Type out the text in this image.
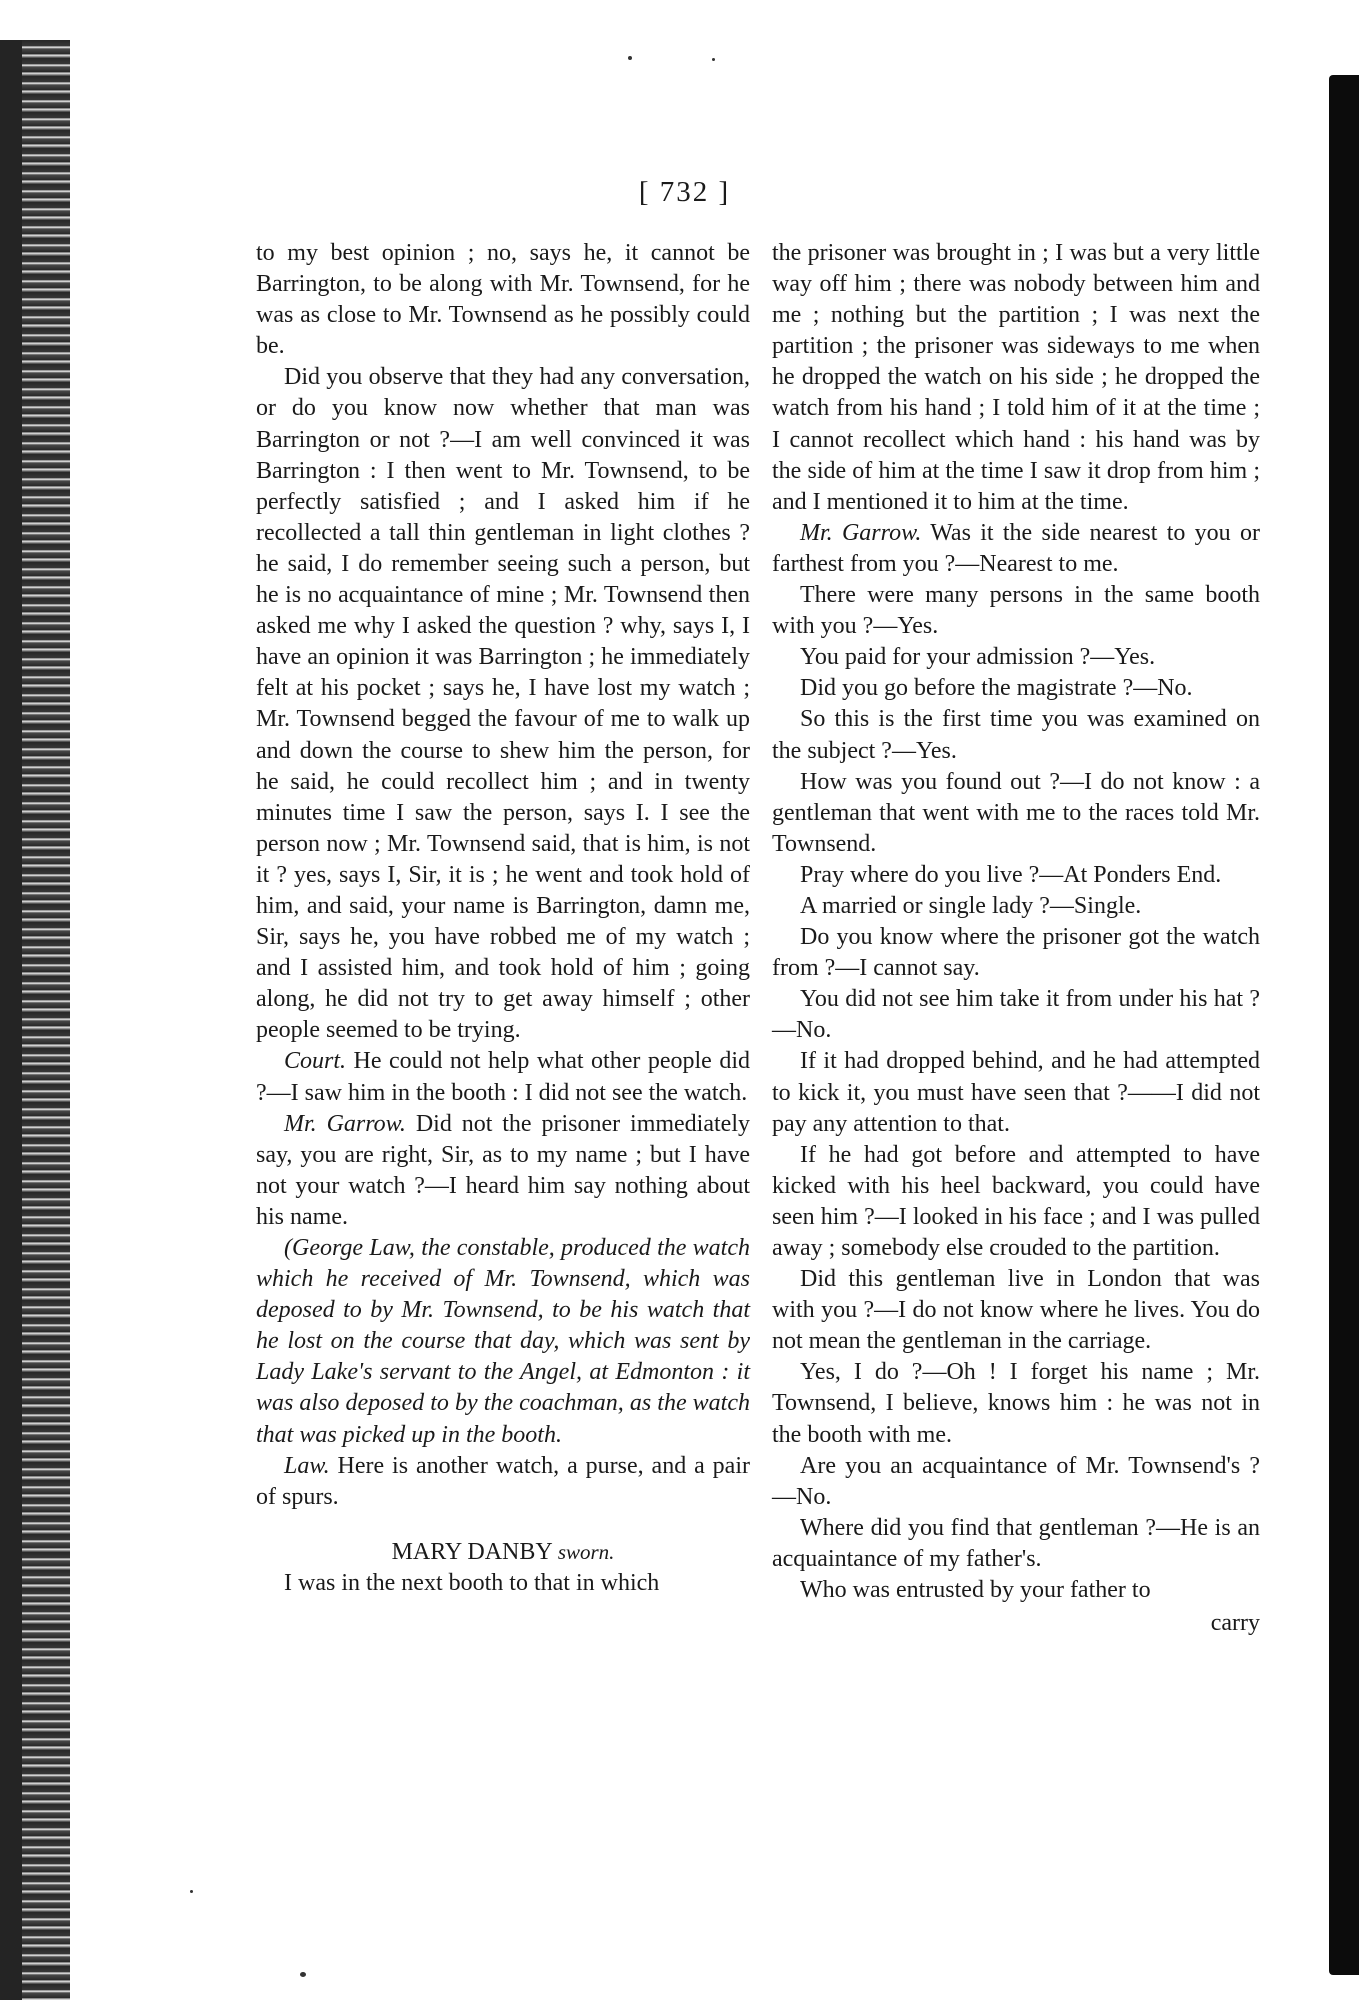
[ 732 ]

to my best opinion ; no, says he, it cannot be Barrington, to be along with Mr. Townsend, for he was as close to Mr. Townsend as he possibly could be.

Did you observe that they had any conversation, or do you know now whether that man was Barrington or not ?—I am well convinced it was Barrington : I then went to Mr. Townsend, to be perfectly satisfied ; and I asked him if he recollected a tall thin gentleman in light clothes ? he said, I do remember seeing such a person, but he is no acquaintance of mine ; Mr. Townsend then asked me why I asked the question ? why, says I, I have an opinion it was Barrington ; he immediately felt at his pocket ; says he, I have lost my watch ; Mr. Townsend begged the favour of me to walk up and down the course to shew him the person, for he said, he could recollect him ; and in twenty minutes time I saw the person, says I. I see the person now ; Mr. Townsend said, that is him, is not it ? yes, says I, Sir, it is ; he went and took hold of him, and said, your name is Barrington, damn me, Sir, says he, you have robbed me of my watch ; and I assisted him, and took hold of him ; going along, he did not try to get away himself ; other people seemed to be trying.

Court. He could not help what other people did ?—I saw him in the booth : I did not see the watch.

Mr. Garrow. Did not the prisoner immediately say, you are right, Sir, as to my name ; but I have not your watch ?—I heard him say nothing about his name.

(George Law, the constable, produced the watch which he received of Mr. Townsend, which was deposed to by Mr. Townsend, to be his watch that he lost on the course that day, which was sent by Lady Lake's servant to the Angel, at Edmonton : it was also deposed to by the coachman, as the watch that was picked up in the booth.

Law. Here is another watch, a purse, and a pair of spurs.

MARY DANBY sworn.

I was in the next booth to that in which

the prisoner was brought in ; I was but a very little way off him ; there was nobody between him and me ; nothing but the partition ; I was next the partition ; the prisoner was sideways to me when he dropped the watch on his side ; he dropped the watch from his hand ; I told him of it at the time ; I cannot recollect which hand : his hand was by the side of him at the time I saw it drop from him ; and I mentioned it to him at the time.

Mr. Garrow. Was it the side nearest to you or farthest from you ?—Nearest to me.

There were many persons in the same booth with you ?—Yes.

You paid for your admission ?—Yes.

Did you go before the magistrate ?—No.

So this is the first time you was examined on the subject ?—Yes.

How was you found out ?—I do not know : a gentleman that went with me to the races told Mr. Townsend.

Pray where do you live ?—At Ponders End.

A married or single lady ?—Single.

Do you know where the prisoner got the watch from ?—I cannot say.

You did not see him take it from under his hat ?—No.

If it had dropped behind, and he had attempted to kick it, you must have seen that ?——I did not pay any attention to that.

If he had got before and attempted to have kicked with his heel backward, you could have seen him ?—I looked in his face ; and I was pulled away ; somebody else crouded to the partition.

Did this gentleman live in London that was with you ?—I do not know where he lives. You do not mean the gentleman in the carriage.

Yes, I do ?—Oh ! I forget his name ; Mr. Townsend, I believe, knows him : he was not in the booth with me.

Are you an acquaintance of Mr. Townsend's ?—No.

Where did you find that gentleman ?—He is an acquaintance of my father's.

Who was entrusted by your father to

carry
